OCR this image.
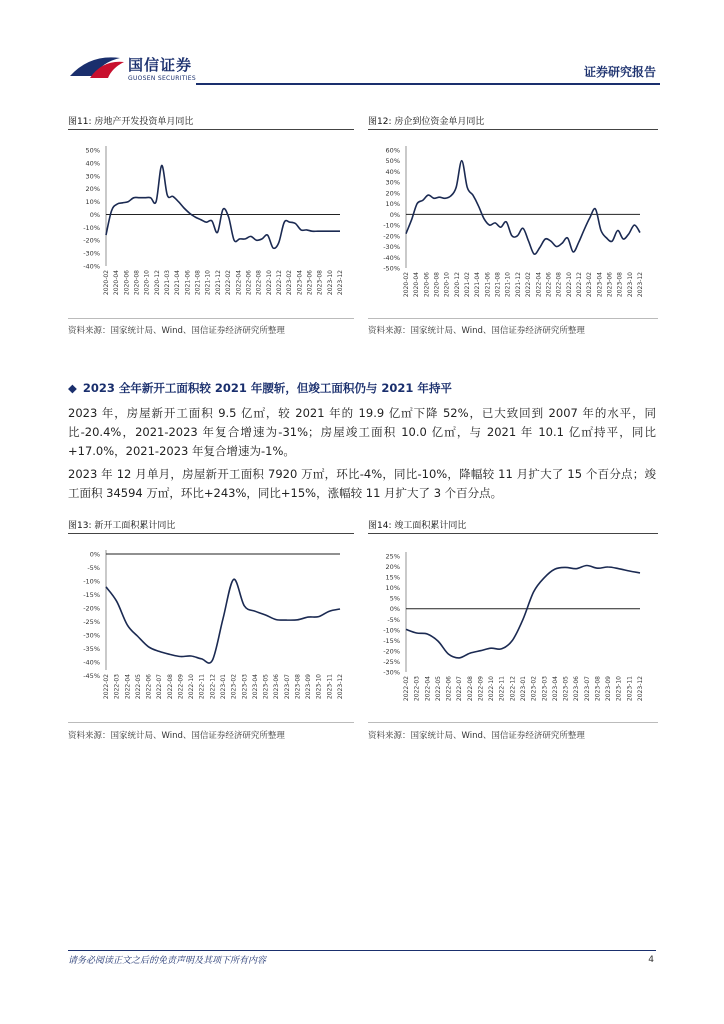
国信证券
GUOSEN SECURITIES	证券研究报告
图11: 房地产开发投资单月同比
-40%
-30%
-20%
-10%
0%
10%
20%
30%
40%
50%
2020-02 2020-04 2020-06 2020-08 2020-10 2020-12 2021-03 2021-04 2021-06 2021-08 2021-10 2021-12 2022-02 2022-04 2022-06 2022-08 2022-10 2022-12 2023-02 2023-04 2023-06 2023-08 2023-10 2023-12
资料来源：国家统计局、Wind、国信证券经济研究所整理
图12: 房企到位资金单月同比
-50%
-40%
-30%
-20%
-10%
0%
10%
20%
30%
40%
50%
60%
2020-02 2020-04 2020-06 2020-08 2020-10 2020-12 2021-02 2021-04 2021-06 2021-08 2021-10 2021-12 2022-02 2022-04 2022-06 2022-08 2022-10 2022-12 2023-02 2023-04 2023-06 2023-08 2023-10 2023-12
资料来源：国家统计局、Wind、国信证券经济研究所整理
◆ 2023 全年新开工面积较 2021 年腰斩，但竣工面积仍与 2021 年持平
2023 年，房屋新开工面积 9.5 亿㎡，较 2021 年的 19.9 亿㎡下降 52%，已大致回到 2007 年的水平，同比-20.4%，2021-2023 年复合增速为-31%；房屋竣工面积 10.0 亿㎡，与 2021 年 10.1 亿㎡持平，同比+17.0%，2021-2023 年复合增速为-1%。
2023 年 12 月单月，房屋新开工面积 7920 万㎡，环比-4%，同比-10%，降幅较 11 月扩大了 15 个百分点；竣工面积 34594 万㎡，环比+243%，同比+15%，涨幅较 11 月扩大了 3 个百分点。
图13: 新开工面积累计同比
0%
-5%
-10%
-15%
-20%
-25%
-30%
-35%
-40%
-45% 2022-02 2022-03 2022-04 2022-05 2022-06 2022-07 2022-08 2022-09 2022-10 2022-11 2022-12 2023-01 2023-02 2023-03 2023-04 2023-05 2023-06 2023-07 2023-08 2023-09 2023-10 2023-11 2023-12
资料来源：国家统计局、Wind、国信证券经济研究所整理
图14: 竣工面积累计同比
25%
20%
15%
10%
5%
0%
-5%
-10%
-15%
-20%
-25%
-30%
2022-02 2022-03 2022-04 2022-05 2022-06 2022-07 2022-08 2022-09 2022-10 2022-11 2022-12 2023-01 2023-02 2023-03 2023-04 2023-05 2023-06 2023-07 2023-08 2023-09 2023-10 2023-11 2023-12
资料来源：国家统计局、Wind、国信证券经济研究所整理
请务必阅读正文之后的免责声明及其项下所有内容	4
